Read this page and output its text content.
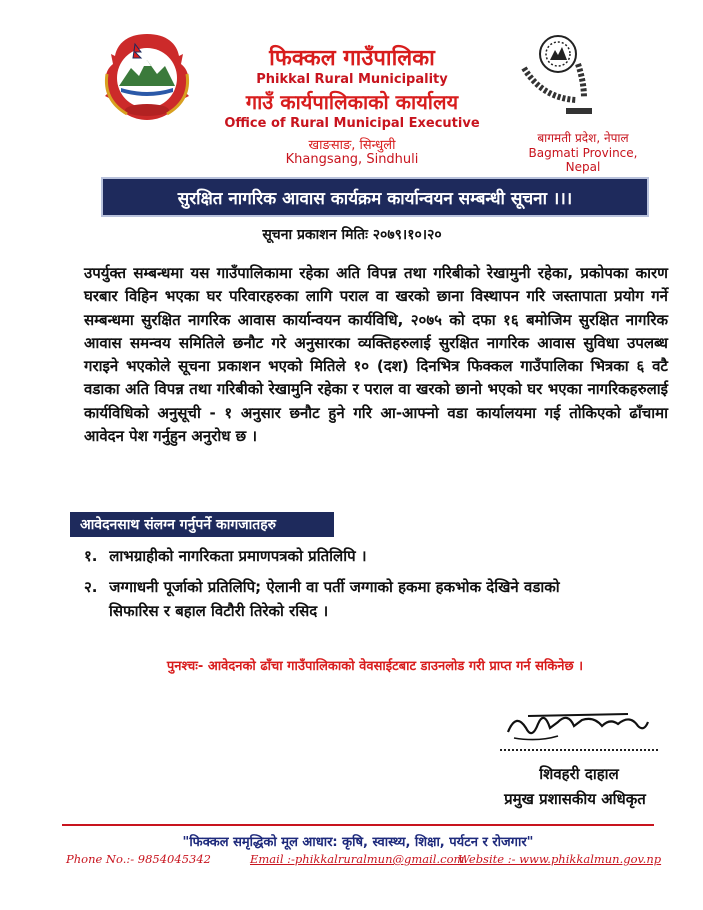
फिक्कल गाउँपालिका
Phikkal Rural Municipality
गाउँ कार्यपालिकाको कार्यालय
Office of Rural Municipal Executive
खाङसाङ, सिन्धुली
Khangsang, Sindhuli
बागमती प्रदेश, नेपाल
Bagmati Province, Nepal
सुरक्षित नागरिक आवास कार्यक्रम कार्यान्वयन सम्बन्धी सूचना ।।।
सूचना प्रकाशन मितिः २०७९।१०।२०
उपर्युक्त सम्बन्धमा यस गाउँपालिकामा रहेका अति विपन्न तथा गरिबीको रेखामुनी रहेका, प्रकोपका कारण घरबार विहिन भएका घर परिवारहरुका लागि पराल वा खरको छाना विस्थापन गरि जस्तापाता प्रयोग गर्ने सम्बन्धमा सुरक्षित नागरिक आवास कार्यान्वयन कार्यविधि, २०७५ को दफा १६ बमोजिम सुरक्षित नागरिक आवास समन्वय समितिले छनौट गरे अनुसारका व्यक्तिहरुलाई सुरक्षित नागरिक आवास सुविधा उपलब्ध गराइने भएकोले सूचना प्रकाशन भएको मितिले १० (दश) दिनभित्र फिक्कल गाउँपालिका भित्रका ६ वटै वडाका अति विपन्न तथा गरिबीको रेखामुनि रहेका र पराल वा खरको छानो भएको घर भएका नागरिकहरुलाई कार्यविधिको अनुसूची - १ अनुसार छनौट हुने गरि आ-आफ्नो वडा कार्यालयमा गई तोकिएको ढाँचामा आवेदन पेश गर्नुहुन अनुरोध छ ।
आवेदनसाथ संलग्न गर्नुपर्ने कागजातहरु
१. लाभग्राहीको नागरिकता प्रमाणपत्रको प्रतिलिपि ।
२. जग्गाधनी पूर्जाको प्रतिलिपि; ऐलानी वा पर्ती जग्गाको हकमा हकभोक देखिने वडाको
सिफारिस र बहाल विटौरी तिरेको रसिद ।
पुनश्चः- आवेदनको ढाँचा गाउँपालिकाको वेवसाईटबाट डाउनलोड गरी प्राप्त गर्न सकिनेछ ।
शिवहरी दाहाल
प्रमुख प्रशासकीय अधिकृत
"फिक्कल समृद्धिको मूल आधार: कृषि, स्वास्थ्य, शिक्षा, पर्यटन र रोजगार"
Phone No.:- 9854045342	Email :-phikkalruralmun@gmail.com
Website :- www.phikkalmun.gov.np
